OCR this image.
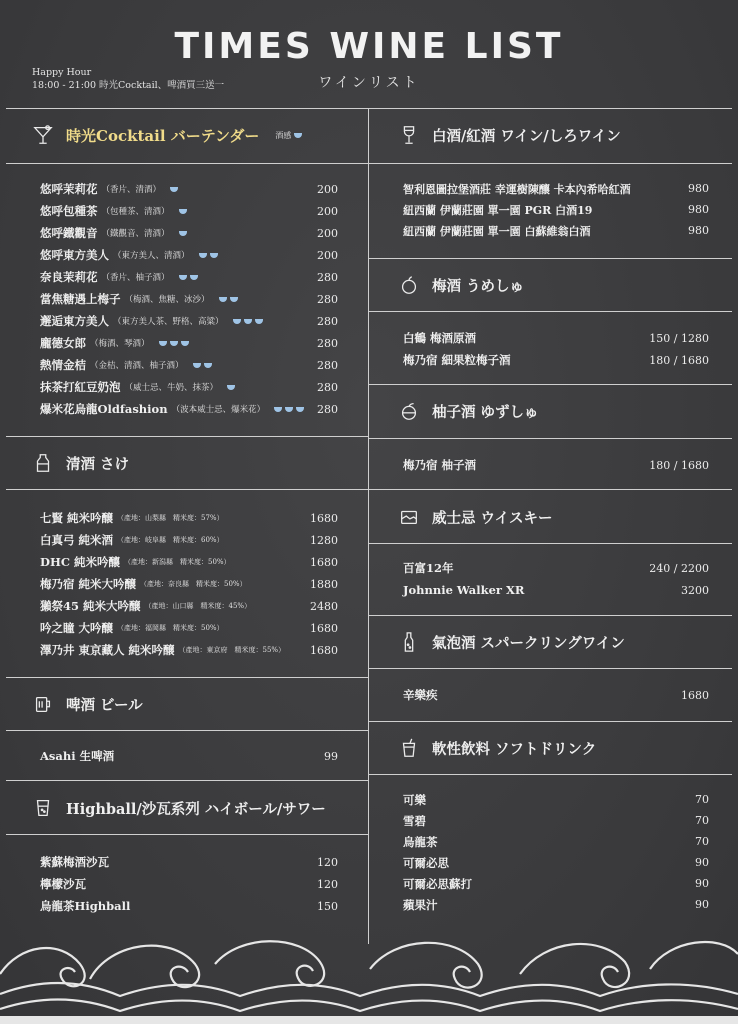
TIMES WINE LIST
ワインリスト
Happy Hour
18:00 - 21:00 時光Cocktail、啤酒買三送一
時光Cocktail バーテンダー 酒感
悠呼茉莉花 （香片、清酒）	200
悠呼包種茶 （包種茶、清酒）	200
悠呼鐵觀音 （鐵觀音、清酒）	200
悠呼東方美人 （東方美人、清酒）	200
奈良茉莉花 （香片、柚子酒）	280
當焦糖遇上梅子 （梅酒、焦糖、冰沙）	280
邂逅東方美人 （東方美人茶、野格、高粱）	280
龐德女郎 （梅酒、琴酒）	280
熱情金桔 （金桔、清酒、柚子酒）	280
抹茶打紅豆奶泡 （威士忌、牛奶、抹茶）	280
爆米花烏龍Oldfashion （波本威士忌、爆米花）	280
清酒 さけ
七賢 純米吟醸 （產地：山梨縣　精米度：57%）	1680
白真弓 純米酒 （產地：岐阜縣　精米度：60%）	1280
DHC 純米吟釀 （產地：新潟縣　精米度：50%）	1680
梅乃宿 純米大吟醸 （產地：奈良縣　精米度：50%）	1880
獺祭45 純米大吟醸 （產地：山口縣　精米度：45%）	2480
吟之瞳 大吟醸 （產地：福岡縣　精米度：50%）	1680
澤乃井 東京藏人 純米吟醸 （產地：東京府　精米度：55%） 1680
啤酒 ビール
Asahi 生啤酒	99
Highball/沙瓦系列 ハイボール/サワー
紫蘇梅酒沙瓦	120
檸檬沙瓦	120
烏龍茶Highball	150
白酒/紅酒 ワイン/しろワイン
智利恩圖拉堡酒莊 幸運樹陳釀 卡本內希哈紅酒	980
紐西蘭 伊蘭莊園 單一園 PGR 白酒19	980
紐西蘭 伊蘭莊園 單一園 白蘇維翁白酒	980
梅酒 うめしゅ
白鶴 梅酒原酒	150 / 1280
梅乃宿 細果粒梅子酒	180 / 1680
柚子酒 ゆずしゅ
梅乃宿 柚子酒	180 / 1680
威士忌 ウイスキー
百富12年	240 / 2200
Johnnie Walker XR	3200
氣泡酒 スパークリングワイン
辛樂疾	1680
軟性飲料 ソフトドリンク
可樂	70
雪碧	70
烏龍茶	70
可爾必思	90
可爾必思蘇打	90
蘋果汁	90
